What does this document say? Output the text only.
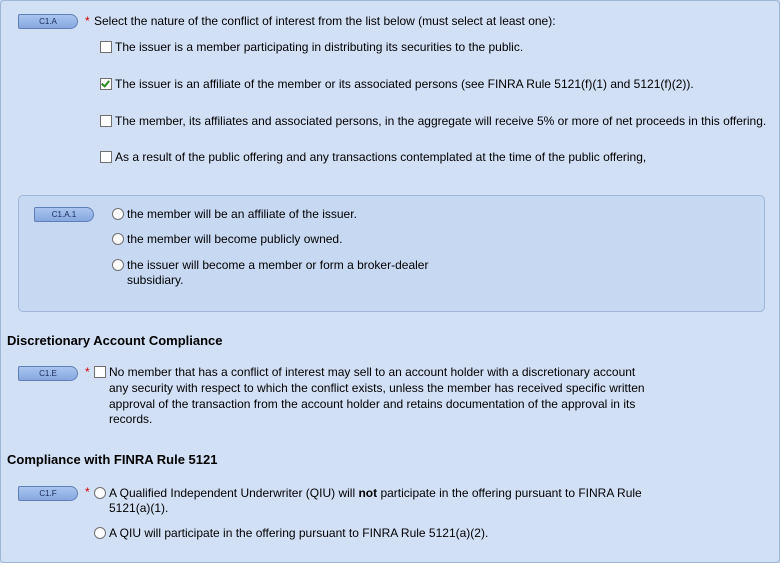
C1.A	* Select the nature of the conflict of interest from the list below (must select at least one):
The issuer is a member participating in distributing its securities to the public.
The issuer is an affiliate of the member or its associated persons (see FINRA Rule 5121(f)(1) and 5121(f)(2)).
The member, its affiliates and associated persons, in the aggregate will receive 5% or more of net proceeds in this offering.
As a result of the public offering and any transactions contemplated at the time of the public offering,
C1.A.1	the member will be an affiliate of the issuer.
the member will become publicly owned.
the issuer will become a member or form a broker-dealer
subsidiary.
Discretionary Account Compliance
C1.E	* No member that has a conflict of interest may sell to an account holder with a discretionary account
any security with respect to which the conflict exists, unless the member has received specific written
approval of the transaction from the account holder and retains documentation of the approval in its
records.
Compliance with FINRA Rule 5121
C1.F	* A Qualified Independent Underwriter (QIU) will not participate in the offering pursuant to FINRA Rule
5121(a)(1).
A QIU will participate in the offering pursuant to FINRA Rule 5121(a)(2).
